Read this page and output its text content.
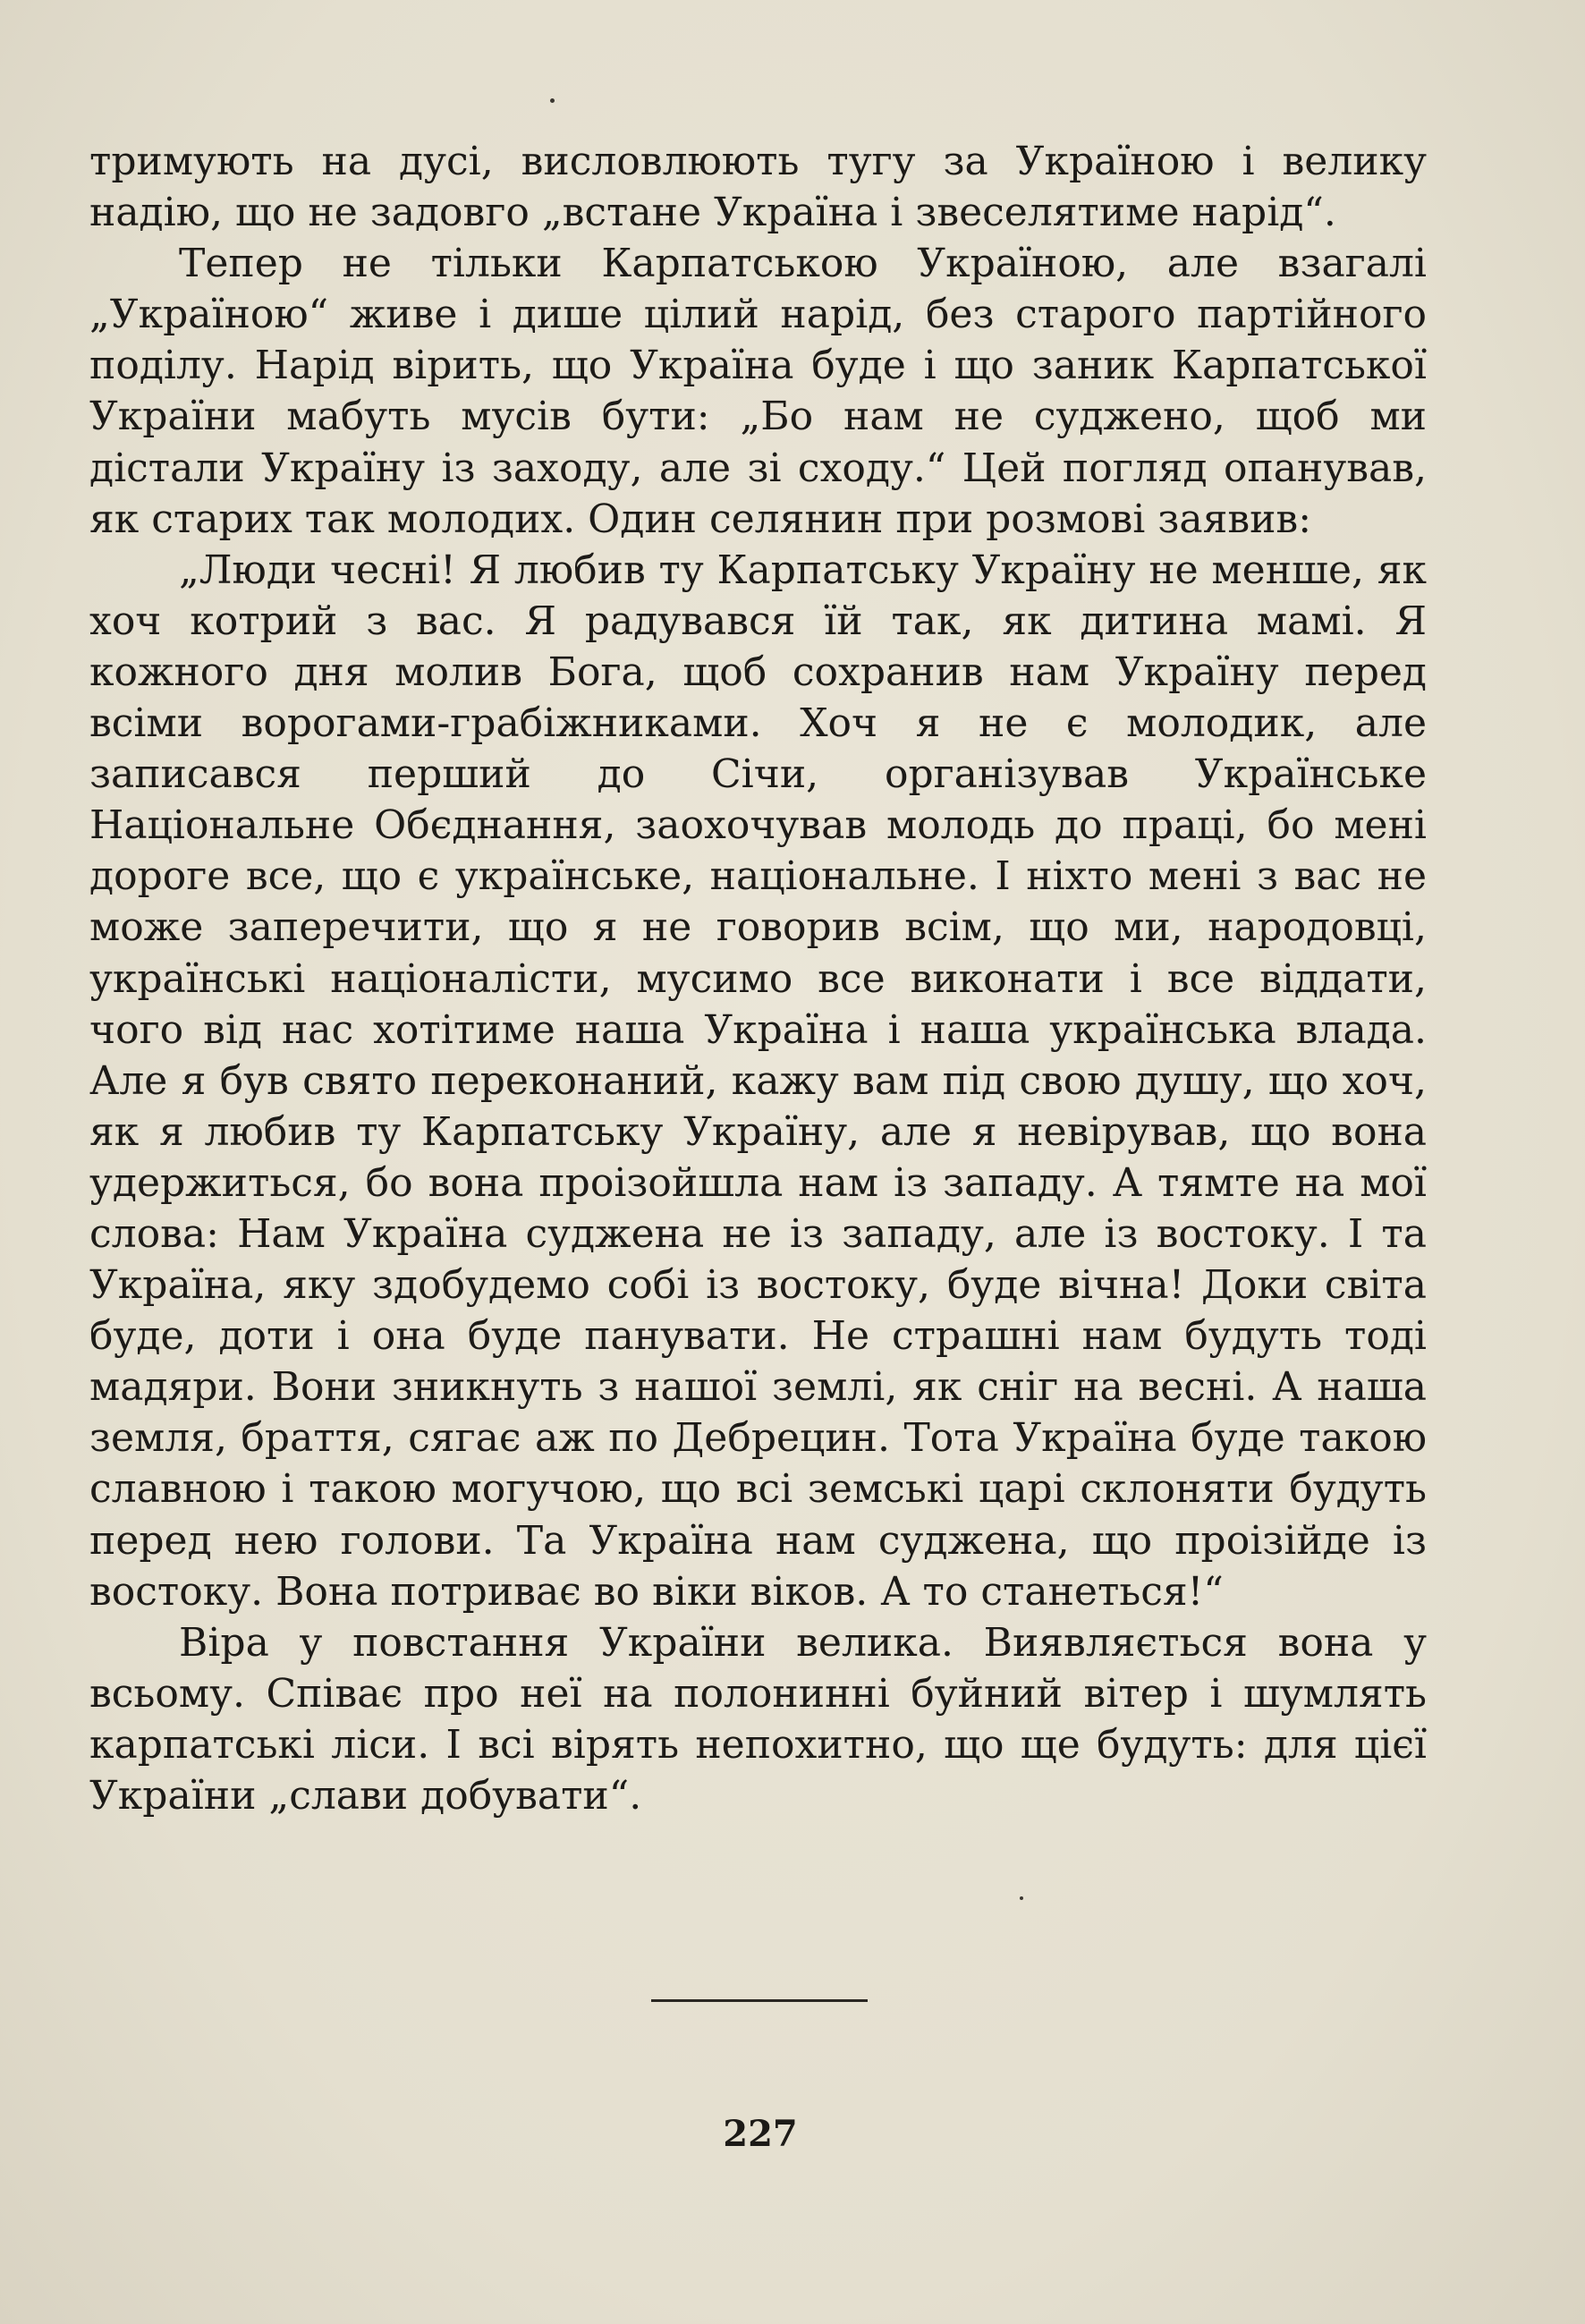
тримують на дусі, висловлюють тугу за Україною і велику надію, що не задовго „встане Україна і звеселятиме нарід“.

Тепер не тільки Карпатською Україною, але взагалі „Україною“ живе і дише цілий нарід, без старого партійного поділу. Нарід вірить, що Україна буде і що заник Карпатської України мабуть мусів бути: „Бо нам не суджено, щоб ми дістали Україну із заходу, але зі сходу.“ Цей погляд опанував, як старих так молодих. Один селянин при розмові заявив:

„Люди чесні! Я любив ту Карпатську Україну не менше, як хоч котрий з вас. Я радувався їй так, як дитина мамі. Я кожного дня молив Бога, щоб сохранив нам Україну перед всіми ворогами-грабіжниками. Хоч я не є молодик, але записався перший до Січи, організував Українське Національне Обєднання, заохочував молодь до праці, бо мені дороге все, що є українське, національне. І ніхто мені з вас не може заперечити, що я не говорив всім, що ми, народовці, українські націоналісти, мусимо все виконати і все віддати, чого від нас хотітиме наша Україна і наша українська влада. Але я був свято переконаний, кажу вам під свою душу, що хоч, як я любив ту Карпатську Україну, але я невірував, що вона удержиться, бо вона проізойшла нам із западу. А тямте на мої слова: Нам Україна суджена не із западу, але із востоку. І та Україна, яку здобудемо собі із востоку, буде вічна! Доки світа буде, доти і она буде панувати. Не страшні нам будуть тоді мадяри. Вони зникнуть з нашої землі, як сніг на весні. А наша земля, браття, сягає аж по Дебрецин. Тота Україна буде такою славною і такою могучою, що всі земські царі склоняти будуть перед нею голови. Та Україна нам суджена, що проізійде із востоку. Вона потриває во віки віков. А то станеться!“

Віра у повстання України велика. Виявляється вона у всьому. Співає про неї на полонинні буйний вітер і шумлять карпатські ліси. І всі вірять непохитно, що ще будуть: для цієї України „слави добувати“.

227
